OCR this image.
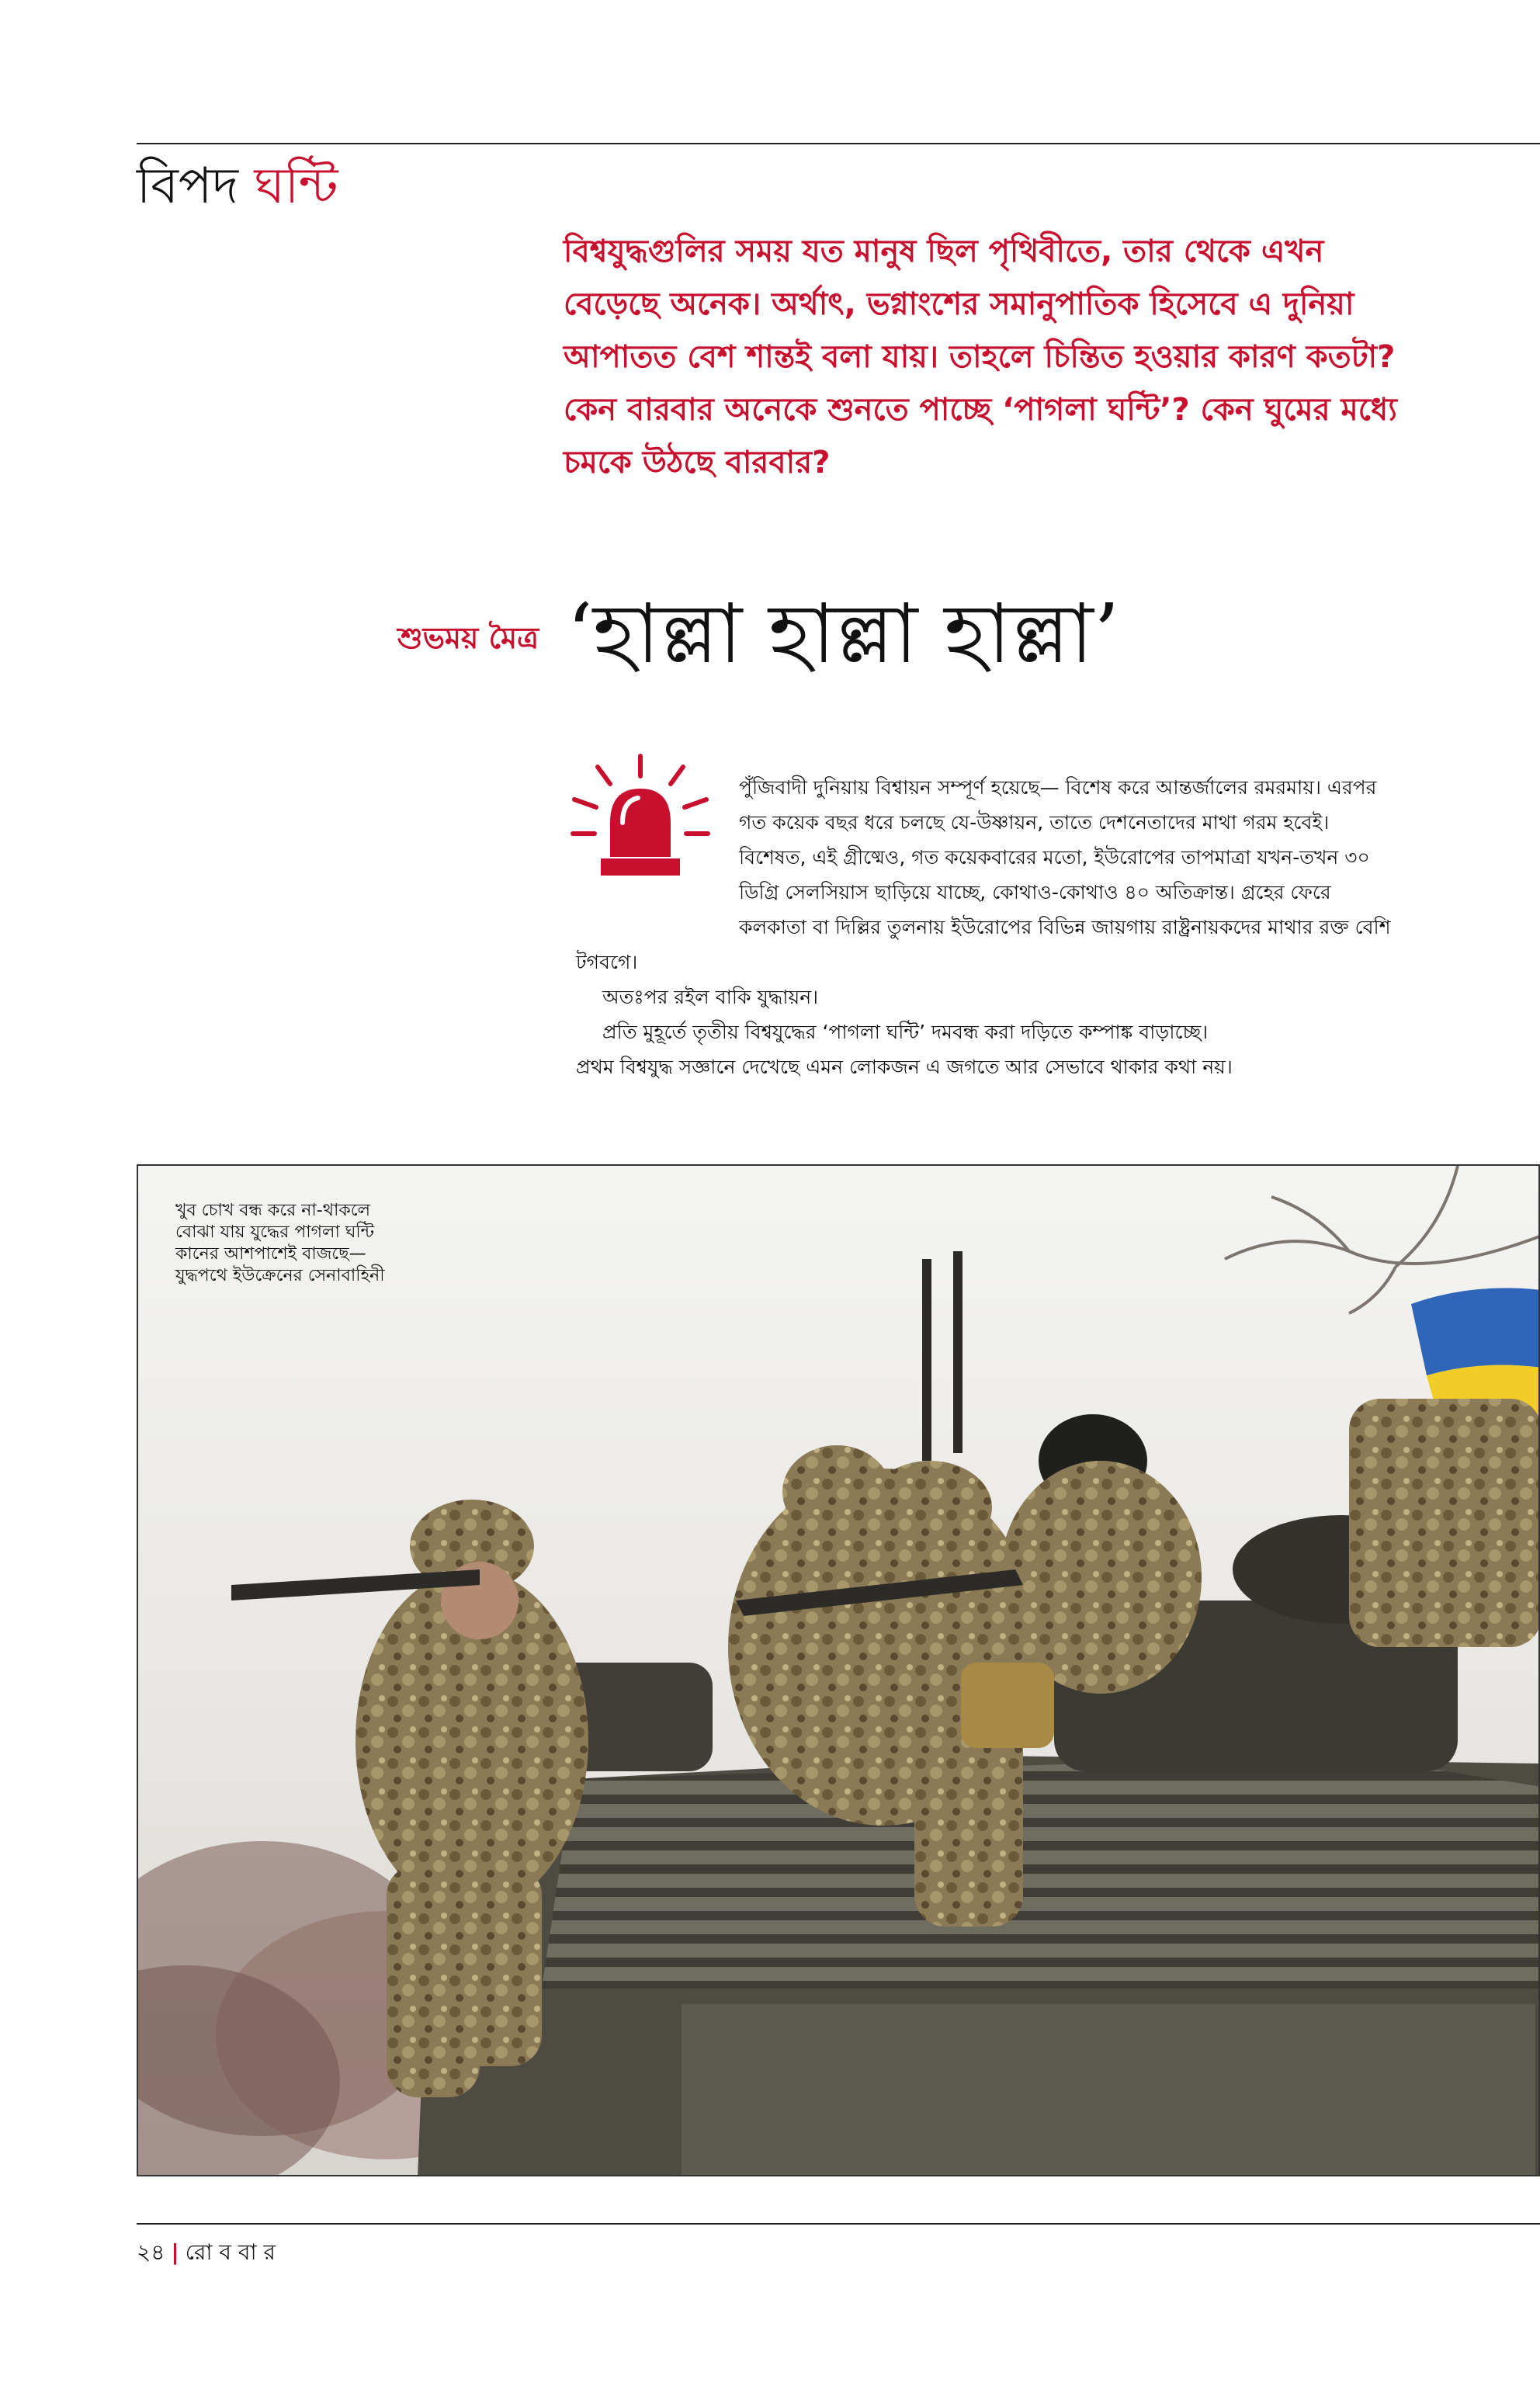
বিপদ ঘন্টি
বিশ্বযুদ্ধগুলির সময় যত মানুষ ছিল পৃথিবীতে, তার থেকে এখন বেড়েছে অনেক। অর্থাৎ, ভগ্নাংশের সমানুপাতিক হিসেবে এ দুনিয়া আপাতত বেশ শান্তই বলা যায়। তাহলে চিন্তিত হওয়ার কারণ কতটা? কেন বারবার অনেকে শুনতে পাচ্ছে ‘পাগলা ঘন্টি’? কেন ঘুমের মধ্যে চমকে উঠছে বারবার?
শুভময় মৈত্র ‘হাল্লা হাল্লা হাল্লা’

পুঁজিবাদী দুনিয়ায় বিশ্বায়ন সম্পূর্ণ হয়েছে— বিশেষ করে আন্তর্জালের রমরমায়। এরপর গত কয়েক বছর ধরে চলছে যে-উষ্ণায়ন, তাতে দেশনেতাদের মাথা গরম হবেই। বিশেষত, এই গ্রীষ্মেও, গত কয়েকবারের মতো, ইউরোপের তাপমাত্রা যখন-তখন ৩০ ডিগ্রি সেলসিয়াস ছাড়িয়ে যাচ্ছে, কোথাও-কোথাও ৪০ অতিক্রান্ত। গ্রহের ফেরে কলকাতা বা দিল্লির তুলনায় ইউরোপের বিভিন্ন জায়গায় রাষ্ট্রনায়কদের মাথার রক্ত বেশি টগবগে।

অতঃপর রইল বাকি যুদ্ধায়ন।

প্রতি মুহূর্তে তৃতীয় বিশ্বযুদ্ধের ‘পাগলা ঘন্টি’ দমবন্ধ করা দড়িতে কম্পাঙ্ক বাড়াচ্ছে।

প্রথম বিশ্বযুদ্ধ সজ্ঞানে দেখেছে এমন লোকজন এ জগতে আর সেভাবে থাকার কথা নয়।

খুব চোখ বন্ধ করে না-থাকলে বোঝা যায় যুদ্ধের পাগলা ঘন্টি কানের আশপাশেই বাজছে— যুদ্ধপথে ইউক্রেনের সেনাবাহিনী
২৪ | রো ব বা র
